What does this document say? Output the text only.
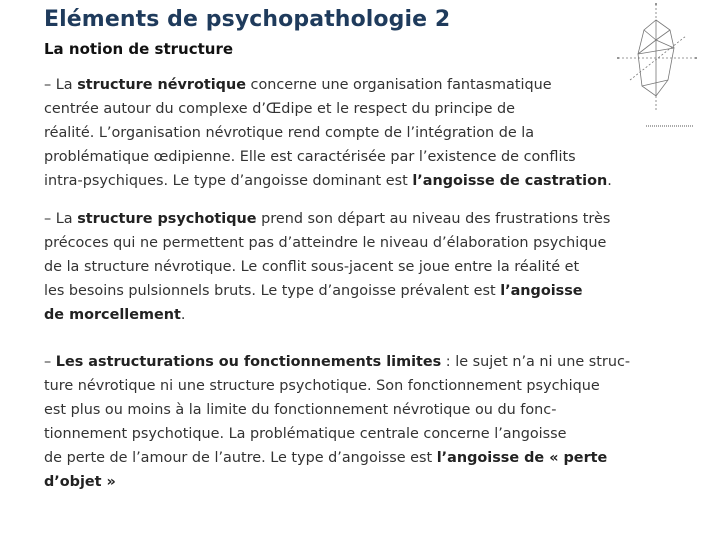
Eléments de psychopathologie 2
La notion de structure

– La structure névrotique concerne une organisation fantasmatique
centrée autour du complexe d’Œdipe et le respect du principe de
réalité. L’organisation névrotique rend compte de l’intégration de la
problématique œdipienne. Elle est caractérisée par l’existence de conflits
intra-psychiques. Le type d’angoisse dominant est l’angoisse de castration.

– La structure psychotique prend son départ au niveau des frustrations très
précoces qui ne permettent pas d’atteindre le niveau d’élaboration psychique
de la structure névrotique. Le conflit sous-jacent se joue entre la réalité et
les besoins pulsionnels bruts. Le type d’angoisse prévalent est l’angoisse
de morcellement.

– Les astructurations ou fonctionnements limites : le sujet n’a ni une struc-
ture névrotique ni une structure psychotique. Son fonctionnement psychique
est plus ou moins à la limite du fonctionnement névrotique ou du fonc-
tionnement psychotique. La problématique centrale concerne l’angoisse
de perte de l’amour de l’autre. Le type d’angoisse est l’angoisse de « perte
d’objet »
